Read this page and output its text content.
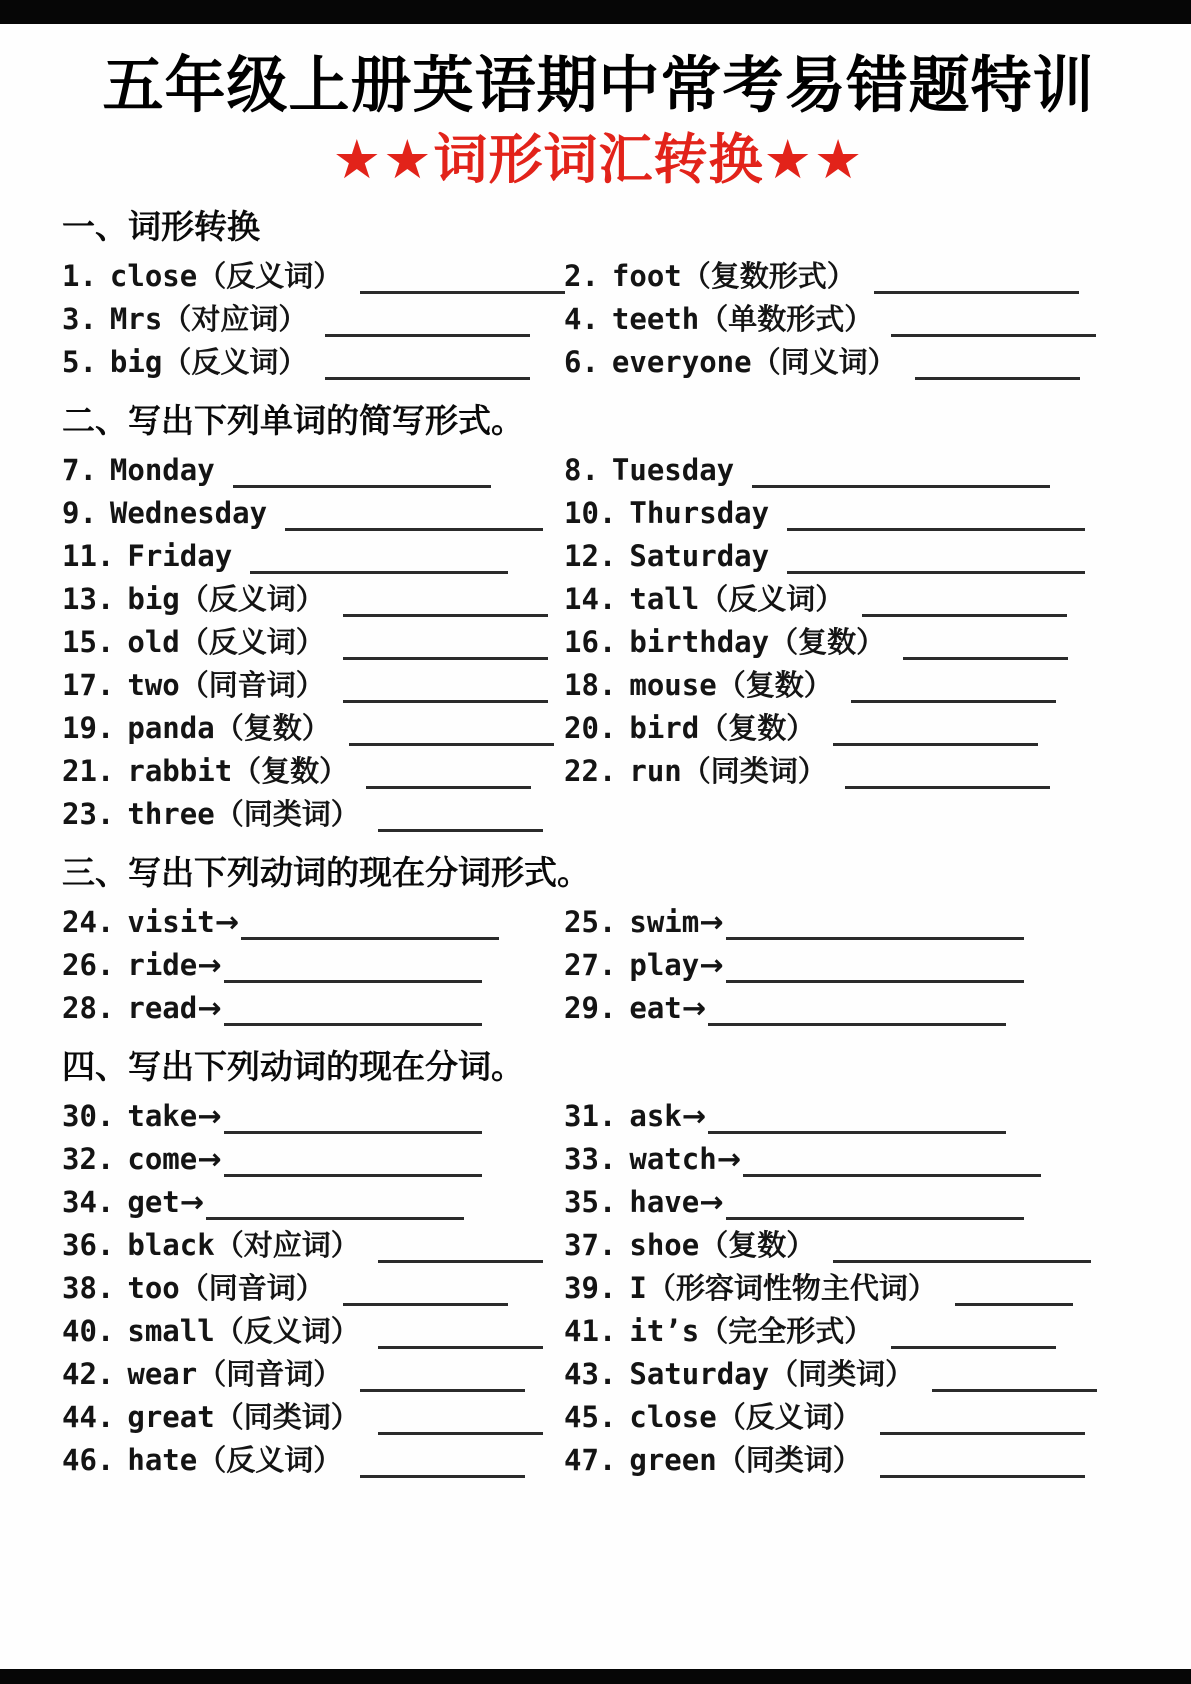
五年级上册英语期中常考易错题特训
★★词形词汇转换★★
一、词形转换
1. close（反义词）	2. foot（复数形式）
3. Mrs（对应词）	4. teeth（单数形式）
5. big（反义词）	6. everyone（同义词）
二、写出下列单词的简写形式。
7. Monday	8. Tuesday
9. Wednesday	10. Thursday
11. Friday	12. Saturday
13. big（反义词）	14. tall（反义词）
15. old（反义词）	16. birthday（复数）
17. two（同音词）	18. mouse（复数）
19. panda（复数）	20. bird（复数）
21. rabbit（复数）	22. run（同类词）
23. three（同类词）
三、写出下列动词的现在分词形式。
24. visit→	25. swim→
26. ride→	27. play→
28. read→	29. eat→
四、写出下列动词的现在分词。
30. take→	31. ask→
32. come→	33. watch→
34. get→	35. have→
36. black（对应词）	37. shoe（复数）
38. too（同音词）	39. I（形容词性物主代词）
40. small（反义词）	41. it’s（完全形式）
42. wear（同音词）	43. Saturday（同类词）
44. great（同类词）	45. close（反义词）
46. hate（反义词）	47. green（同类词）
